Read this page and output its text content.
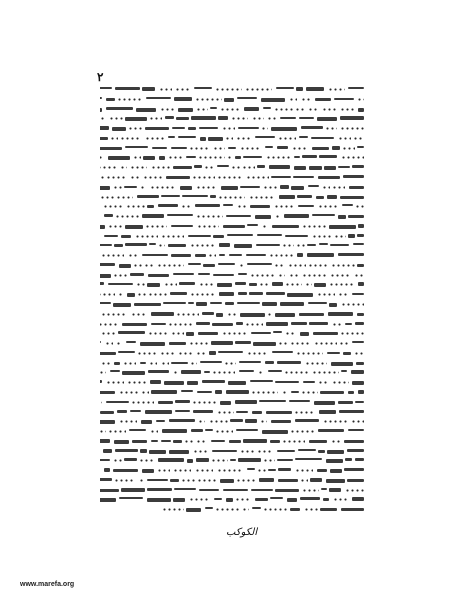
٢
الكوكب
www.marefa.org
